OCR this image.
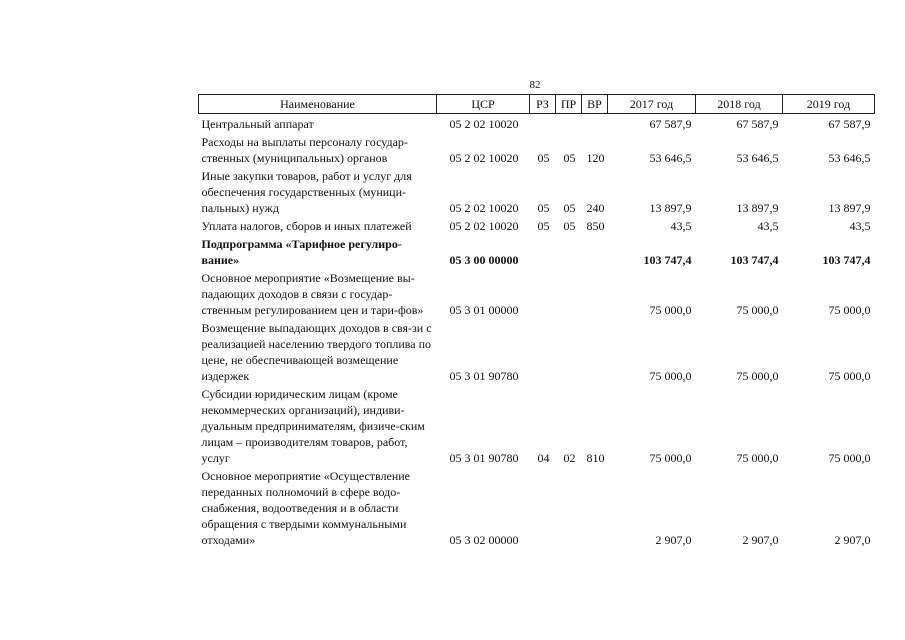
82
Наименование	ЦСР	РЗ	ПР	ВР	2017 год	2018 год	2019 год
Центральный аппарат	05 2 02 10020				67 587,9	67 587,9	67 587,9
Расходы на выплаты персоналу государ-ственных (муниципальных) органов	05 2 02 10020	05	05	120	53 646,5	53 646,5	53 646,5
Иные закупки товаров, работ и услуг для обеспечения государственных (муници-пальных) нужд	05 2 02 10020	05	05	240	13 897,9	13 897,9	13 897,9
Уплата налогов, сборов и иных платежей	05 2 02 10020	05	05	850	43,5	43,5	43,5
Подпрограмма «Тарифное регулиро-вание»	05 3 00 00000				103 747,4	103 747,4	103 747,4
Основное мероприятие «Возмещение вы-падающих доходов в связи с государ-ственным регулированием цен и тари-фов»	05 3 01 00000				75 000,0	75 000,0	75 000,0
Возмещение выпадающих доходов в свя-зи с реализацией населению твердого топлива по цене, не обеспечивающей возмещение издержек	05 3 01 90780				75 000,0	75 000,0	75 000,0
Субсидии юридическим лицам (кроме некоммерческих организаций), индиви-дуальным предпринимателям, физиче-ским лицам – производителям товаров, работ, услуг	05 3 01 90780	04	02	810	75 000,0	75 000,0	75 000,0
Основное мероприятие «Осуществление переданных полномочий в сфере водо-снабжения, водоотведения и в области обращения с твердыми коммунальными отходами»	05 3 02 00000				2 907,0	2 907,0	2 907,0
